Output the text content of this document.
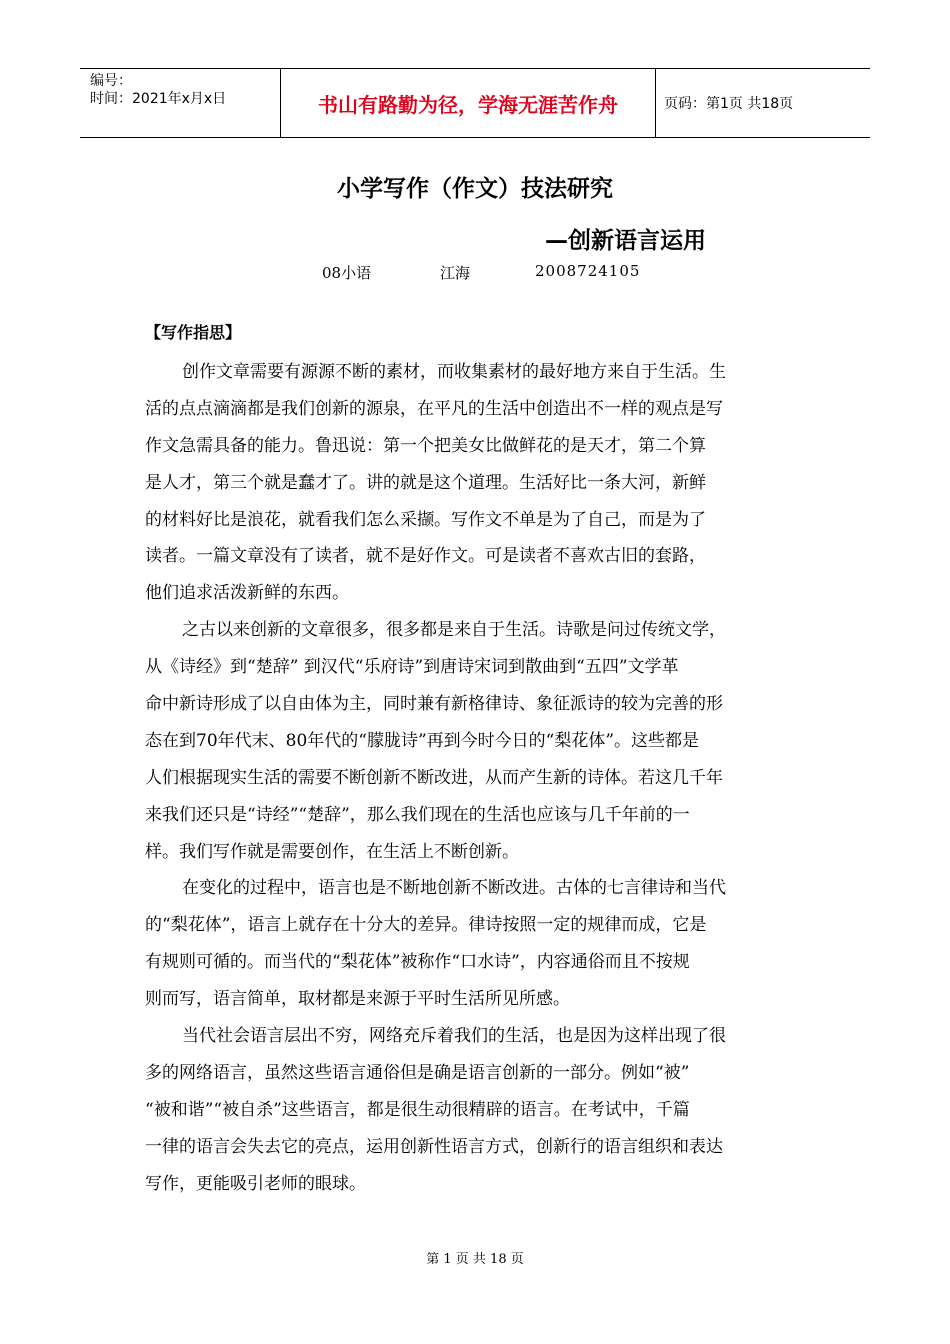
编号：
时间：2021年x月x日	书山有路勤为径，学海无涯苦作舟	页码：第1页 共18页
小学写作（作文）技法研究
—创新语言运用
08小语	江海	2008724105
【写作指思】
创作文章需要有源源不断的素材，而收集素材的最好地方来自于生活。生
活的点点滴滴都是我们创新的源泉，在平凡的生活中创造出不一样的观点是写
作文急需具备的能力。鲁迅说：第一个把美女比做鲜花的是天才，第二个算
是人才，第三个就是蠢才了。讲的就是这个道理。生活好比一条大河，新鲜
的材料好比是浪花，就看我们怎么采撷。写作文不单是为了自己，而是为了
读者。一篇文章没有了读者，就不是好作文。可是读者不喜欢古旧的套路，
他们追求活泼新鲜的东西。
之古以来创新的文章很多，很多都是来自于生活。诗歌是问过传统文学，
从《诗经》到“楚辞” 到汉代“乐府诗”到唐诗宋词到散曲到“五四”文学革
命中新诗形成了以自由体为主，同时兼有新格律诗、象征派诗的较为完善的形
态在到70年代末、80年代的“朦胧诗”再到今时今日的“梨花体”。这些都是
人们根据现实生活的需要不断创新不断改进，从而产生新的诗体。若这几千年
来我们还只是“诗经”“楚辞”，那么我们现在的生活也应该与几千年前的一
样。我们写作就是需要创作，在生活上不断创新。
在变化的过程中，语言也是不断地创新不断改进。古体的七言律诗和当代
的“梨花体”，语言上就存在十分大的差异。律诗按照一定的规律而成，它是
有规则可循的。而当代的“梨花体”被称作“口水诗”，内容通俗而且不按规
则而写，语言简单，取材都是来源于平时生活所见所感。
当代社会语言层出不穷，网络充斥着我们的生活，也是因为这样出现了很
多的网络语言，虽然这些语言通俗但是确是语言创新的一部分。例如“被”
“被和谐”“被自杀”这些语言，都是很生动很精辟的语言。在考试中，千篇
一律的语言会失去它的亮点，运用创新性语言方式，创新行的语言组织和表达
写作，更能吸引老师的眼球。
第 1 页 共 18 页
